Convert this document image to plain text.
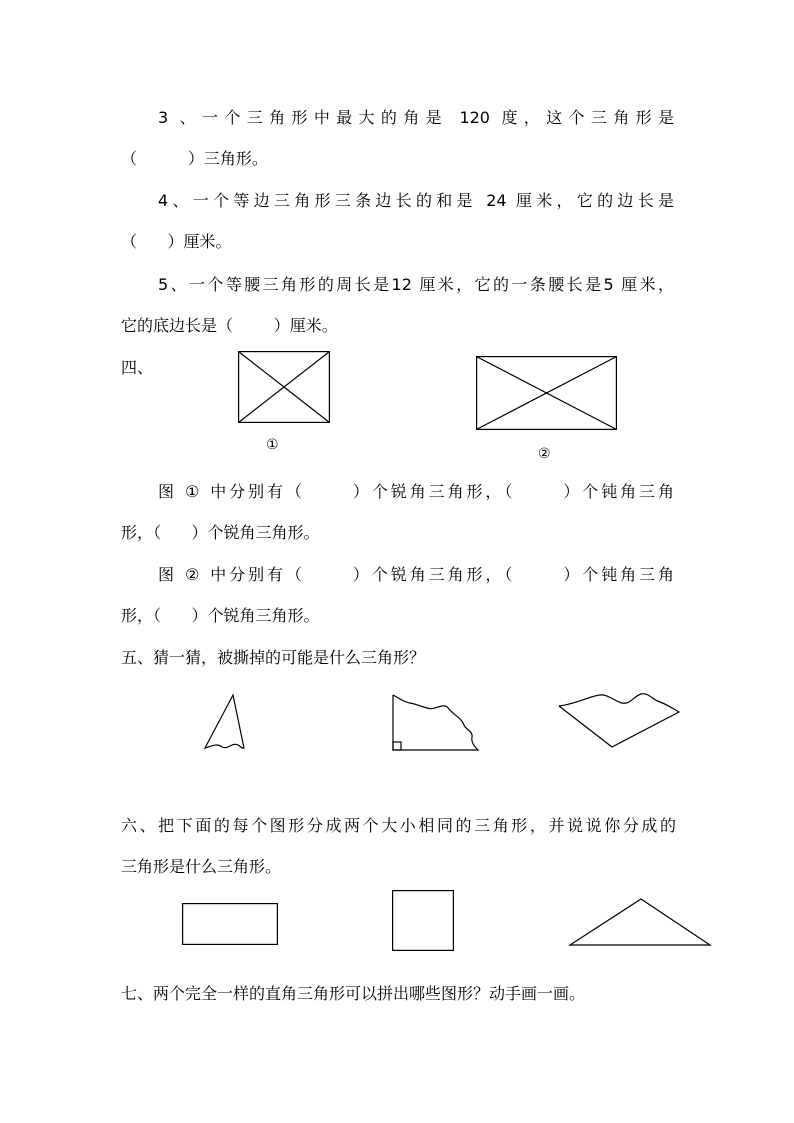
3 、一个三角形中最大的角是 120 度，这个三角形是
（          ）三角形。
4、一个等边三角形三条边长的和是 24 厘米，它的边长是
（      ）厘米。
5、一个等腰三角形的周长是12 厘米，它的一条腰长是5 厘米，
它的底边长是（        ）厘米。
四、
①
②
图 ① 中分别有（      ）个锐角三角形，（      ）个钝角三角
形，（      ）个锐角三角形。
图 ② 中分别有（      ）个锐角三角形，（      ）个钝角三角
形，（      ）个锐角三角形。
五、猜一猜，被撕掉的可能是什么三角形？
六、把下面的每个图形分成两个大小相同的三角形，并说说你分成的
三角形是什么三角形。
七、两个完全一样的直角三角形可以拼出哪些图形？动手画一画。
